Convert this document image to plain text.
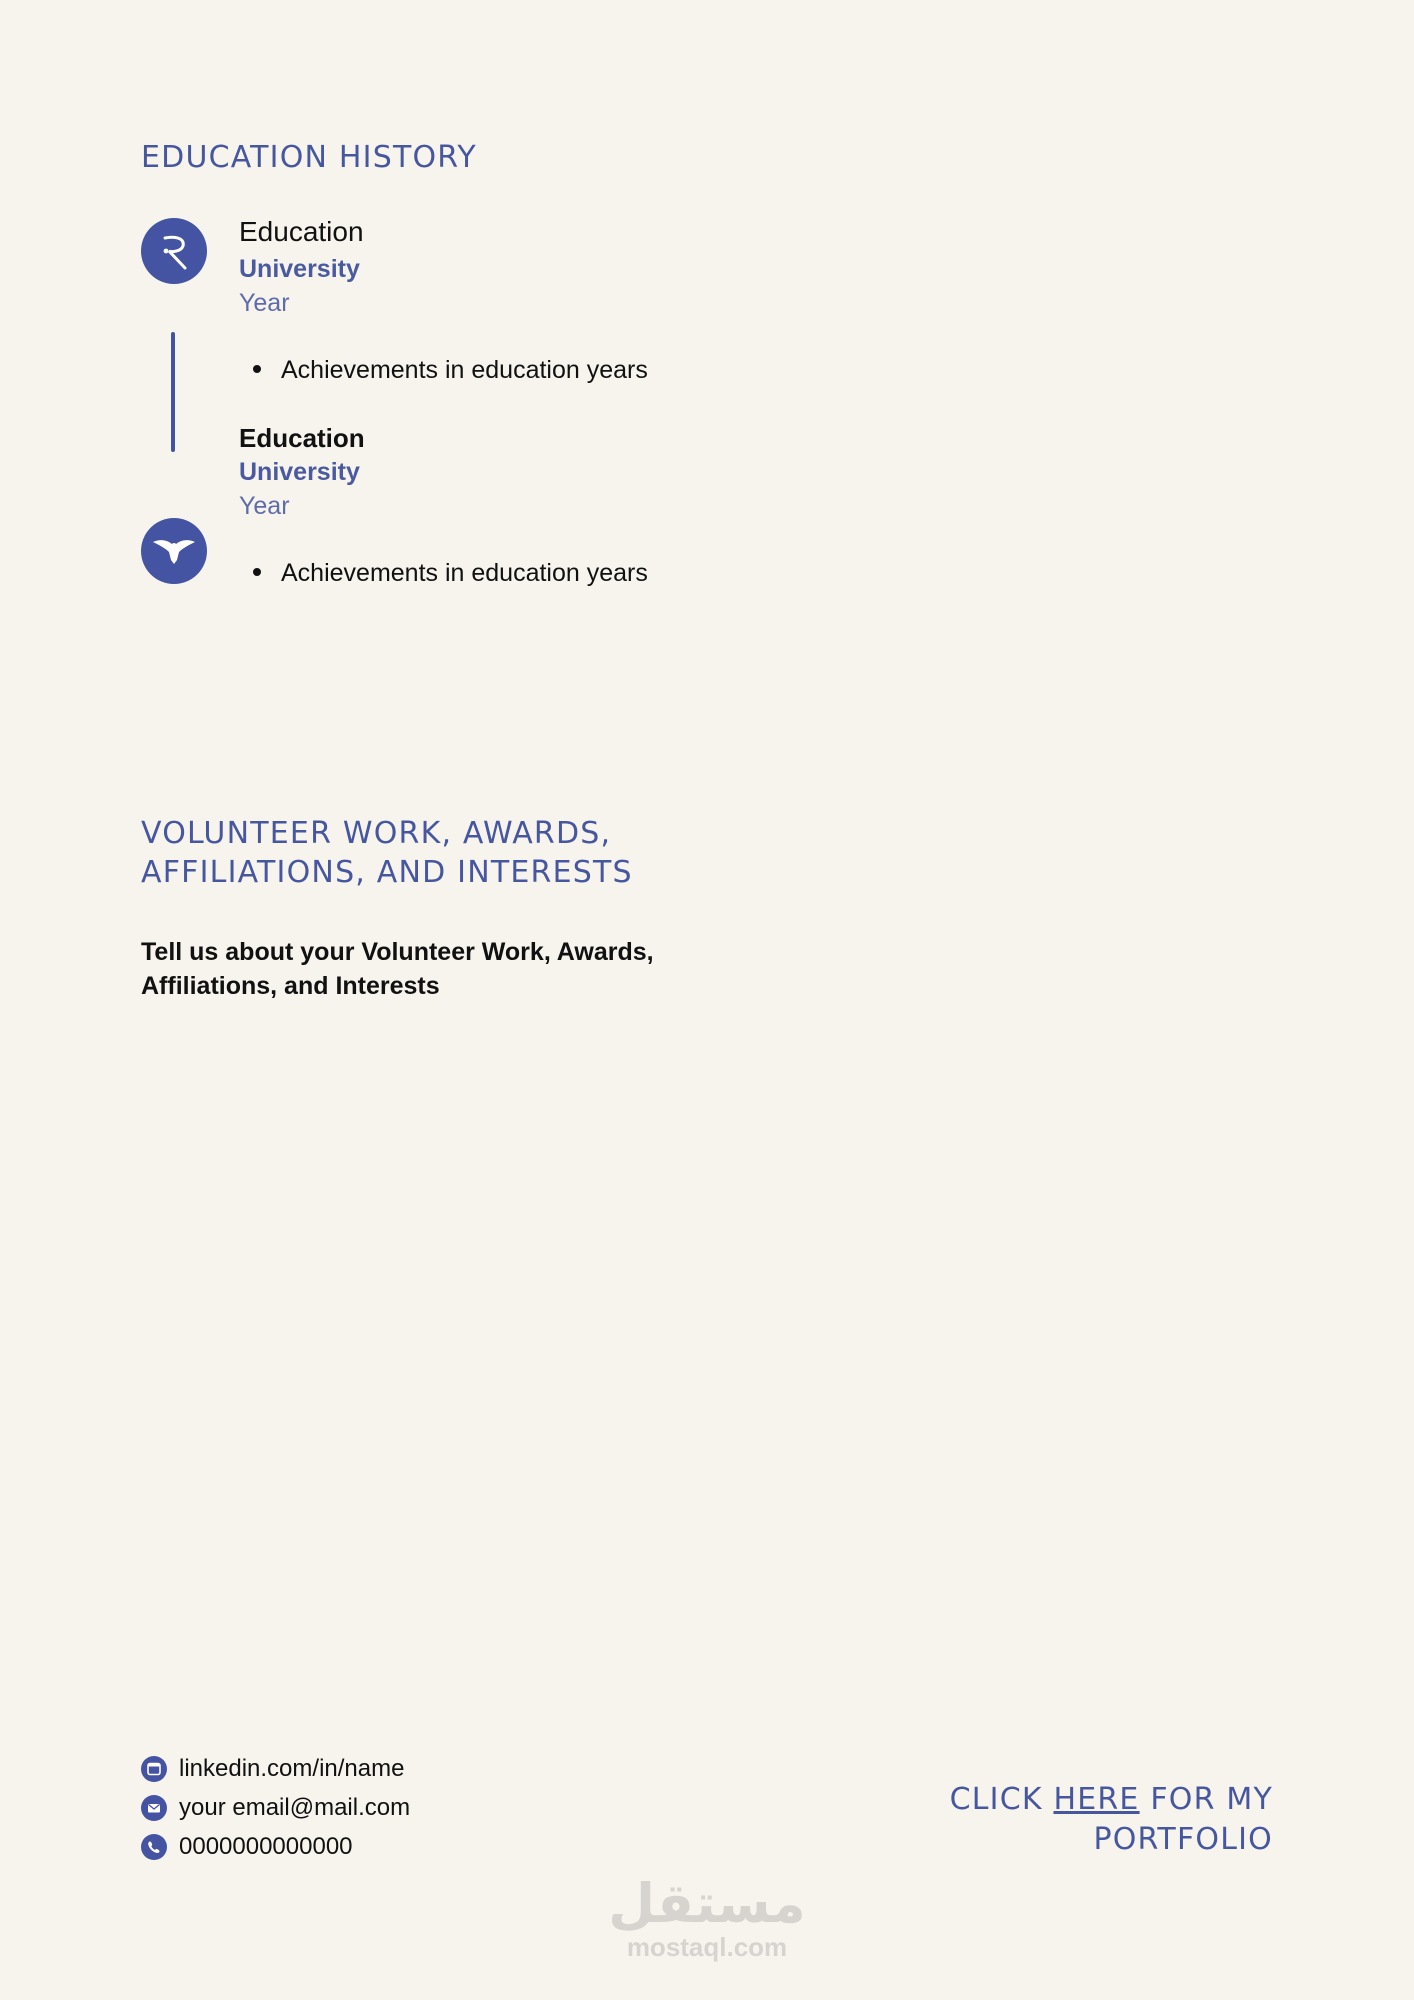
EDUCATION HISTORY
Education
University
Year
Achievements in education years
Education
University
Year
Achievements in education years
VOLUNTEER WORK, AWARDS,
AFFILIATIONS, AND INTERESTS
Tell us about your Volunteer Work, Awards,
Affiliations, and Interests
linkedin.com/in/name
your email@mail.com
0000000000000
CLICK HERE FOR MY
PORTFOLIO
مستقل
mostaql.com
